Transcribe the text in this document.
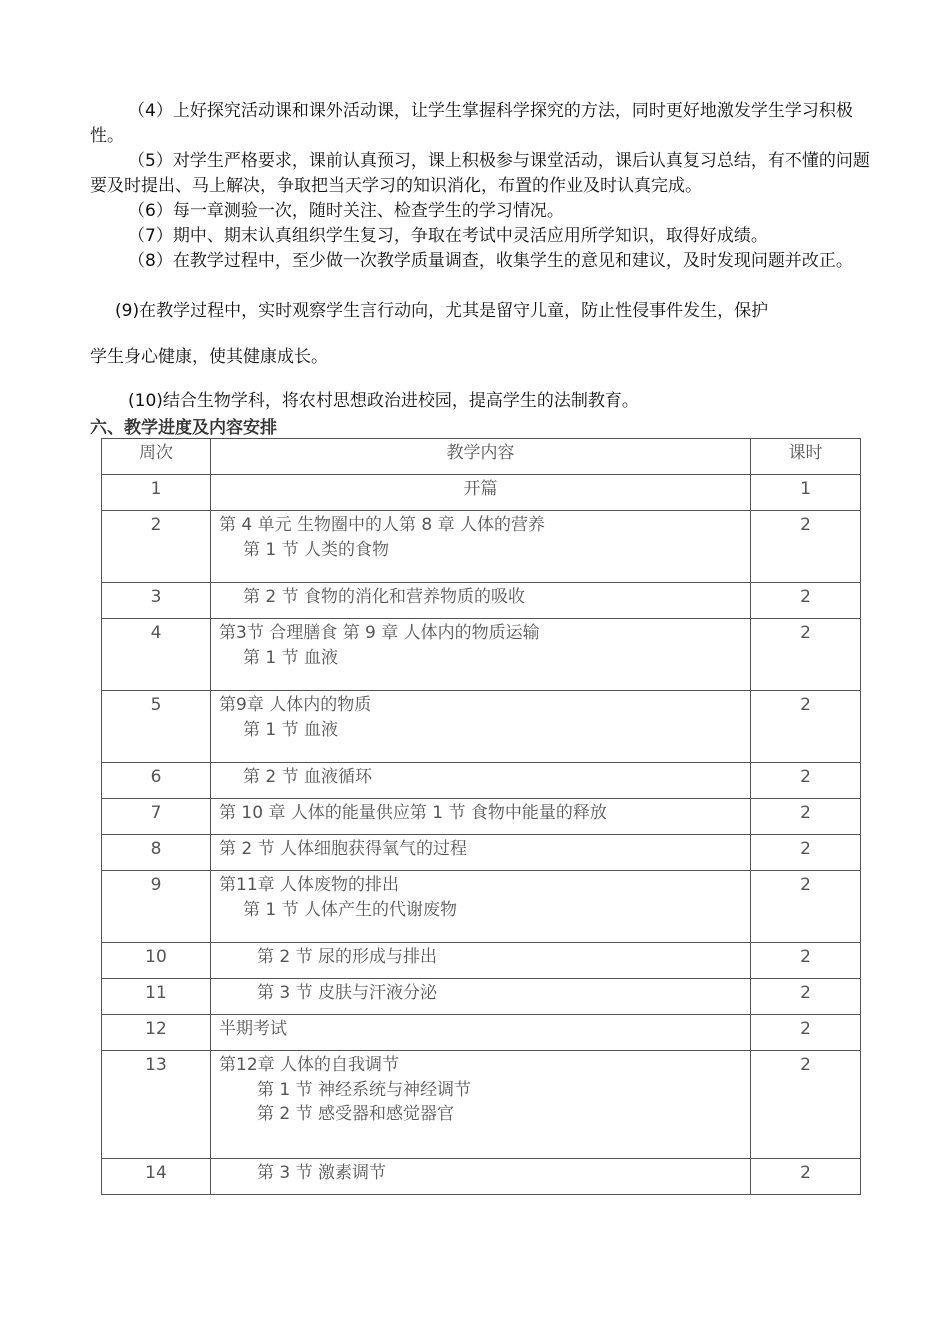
（4）上好探究活动课和课外活动课，让学生掌握科学探究的方法，同时更好地激发学生学习积极性。

（5）对学生严格要求，课前认真预习，课上积极参与课堂活动，课后认真复习总结，有不懂的问题要及时提出、马上解决，争取把当天学习的知识消化，布置的作业及时认真完成。

（6）每一章测验一次，随时关注、检查学生的学习情况。

（7）期中、期末认真组织学生复习，争取在考试中灵活应用所学知识，取得好成绩。

（8）在教学过程中，至少做一次教学质量调查，收集学生的意见和建议，及时发现问题并改正。

(9)在教学过程中，实时观察学生言行动向，尤其是留守儿童，防止性侵事件发生，保护

学生身心健康，使其健康成长。

(10)结合生物学科，将农村思想政治进校园，提高学生的法制教育。

六、教学进度及内容安排

周次	教学内容	课时
1	开篇	1
2	第 4 单元 生物圈中的人第 8 章 人体的营养
第 1 节 人类的食物	2
3	第 2 节 食物的消化和营养物质的吸收	2
4	第3节 合理膳食 第 9 章 人体内的物质运输
第 1 节 血液	2
5	第9章 人体内的物质
第 1 节 血液	2
6	第 2 节 血液循环	2
7	第 10 章 人体的能量供应第 1 节 食物中能量的释放	2
8	第 2 节 人体细胞获得氧气的过程	2
9	第11章 人体废物的排出
第 1 节 人体产生的代谢废物	2
10	第 2 节 尿的形成与排出	2
11	第 3 节 皮肤与汗液分泌	2
12	半期考试	2
13	第12章 人体的自我调节
第 1 节 神经系统与神经调节
第 2 节 感受器和感觉器官	2
14	第 3 节 激素调节	2
